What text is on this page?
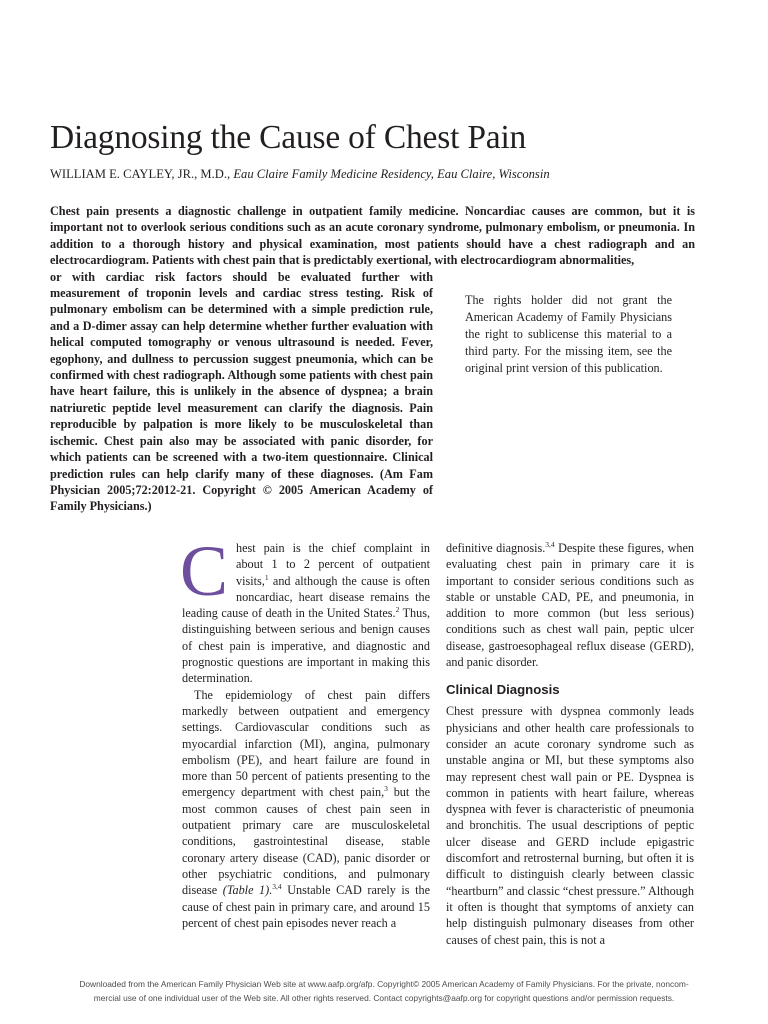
Diagnosing the Cause of Chest Pain
WILLIAM E. CAYLEY, JR., M.D., Eau Claire Family Medicine Residency, Eau Claire, Wisconsin
Chest pain presents a diagnostic challenge in outpatient family medicine. Noncardiac causes are common, but it is important not to overlook serious conditions such as an acute coronary syndrome, pulmonary embolism, or pneumonia. In addition to a thorough history and physical examination, most patients should have a chest radiograph and an electrocardiogram. Patients with chest pain that is predictably exertional, with electrocardiogram abnormalities,
or with cardiac risk factors should be evaluated further with measurement of troponin levels and cardiac stress testing. Risk of pulmonary embolism can be determined with a simple prediction rule, and a D-dimer assay can help determine whether further evaluation with helical computed tomography or venous ultrasound is needed. Fever, egophony, and dullness to percussion suggest pneumonia, which can be confirmed with chest radiograph. Although some patients with chest pain have heart failure, this is unlikely in the absence of dyspnea; a brain natriuretic peptide level measurement can clarify the diagnosis. Pain reproducible by palpation is more likely to be musculoskeletal than ischemic. Chest pain also may be associated with panic disorder, for which patients can be screened with a two-item questionnaire. Clinical prediction rules can help clarify many of these diagnoses. (Am Fam Physician 2005;72:2012-21. Copyright © 2005 American Academy of Family Physicians.)
The rights holder did not grant the American Academy of Family Physicians the right to sublicense this material to a third party. For the missing item, see the original print version of this publication.

Chest pain is the chief complaint in about 1 to 2 percent of outpatient visits,$^1$ and although the cause is often noncardiac, heart disease remains the leading cause of death in the United States.$^2$ Thus, distinguishing between serious and benign causes of chest pain is imperative, and diagnostic and prognostic questions are important in making this determination.

The epidemiology of chest pain differs markedly between outpatient and emergency settings. Cardiovascular conditions such as myocardial infarction (MI), angina, pulmonary embolism (PE), and heart failure are found in more than 50 percent of patients presenting to the emergency department with chest pain,$^3$ but the most common causes of chest pain seen in outpatient primary care are musculoskeletal conditions, gastrointestinal disease, stable coronary artery disease (CAD), panic disorder or other psychiatric conditions, and pulmonary disease (Table 1).$^{3,4}$ Unstable CAD rarely is the cause of chest pain in primary care, and around 15 percent of chest pain episodes never reach a

definitive diagnosis.$^{3,4}$ Despite these figures, when evaluating chest pain in primary care it is important to consider serious conditions such as stable or unstable CAD, PE, and pneumonia, in addition to more common (but less serious) conditions such as chest wall pain, peptic ulcer disease, gastroesophageal reflux disease (GERD), and panic disorder.

Clinical Diagnosis

Chest pressure with dyspnea commonly leads physicians and other health care professionals to consider an acute coronary syndrome such as unstable angina or MI, but these symptoms also may represent chest wall pain or PE. Dyspnea is common in patients with heart failure, whereas dyspnea with fever is characteristic of pneumonia and bronchitis. The usual descriptions of peptic ulcer disease and GERD include epigastric discomfort and retrosternal burning, but often it is difficult to distinguish clearly between classic “heartburn” and classic “chest pressure.” Although it often is thought that symptoms of anxiety can help distinguish pulmonary diseases from other causes of chest pain, this is not a

Downloaded from the American Family Physician Web site at www.aafp.org/afp. Copyright© 2005 American Academy of Family Physicians. For the private, noncom-
mercial use of one individual user of the Web site. All other rights reserved. Contact copyrights@aafp.org for copyright questions and/or permission requests.
